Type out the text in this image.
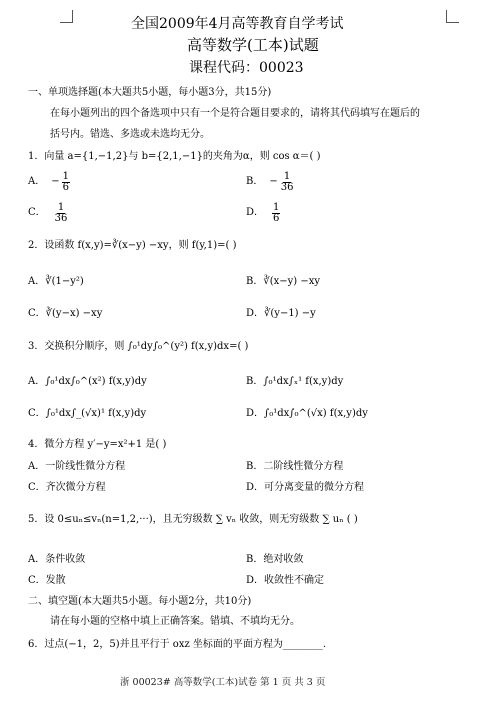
全国2009年4月高等教育自学考试
高等数学(工本)试题
课程代码：00023
一、单项选择题(本大题共5小题，每小题3分，共15分)
在每小题列出的四个备选项中只有一个是符合题目要求的，请将其代码填写在题后的
括号内。错选、多选或未选均无分。
1．向量 a={1,−1,2}与 b={2,1,−1}的夹角为α，则 cos α＝( )
A． − $\frac{1}{6}$	B． − $\frac{1}{36}$
C． $\frac{1}{36}$	D． $\frac{1}{6}$
2．设函数 f(x,y)=∛(x−y) −xy，则 f(y,1)=( )
A．∛(1−y²)	B．∛(x−y) −xy
C．∛(y−x) −xy	D．∛(y−1) −y
3．交换积分顺序，则 ∫₀¹dy∫₀^(y²) f(x,y)dx=( )
A．∫₀¹dx∫₀^(x²) f(x,y)dy	B．∫₀¹dx∫ₓ¹ f(x,y)dy
C．∫₀¹dx∫_(√x)¹ f(x,y)dy	D．∫₀¹dx∫₀^(√x) f(x,y)dy
4．微分方程 y′−y=x²+1 是( )
A．一阶线性微分方程	B．二阶线性微分方程
C．齐次微分方程	D．可分离变量的微分方程
5．设 0≤uₙ≤vₙ(n=1,2,···)，且无穷级数 ∑ vₙ 收敛，则无穷级数 ∑ uₙ ( )
A．条件收敛	B．绝对收敛
C．发散	D．收敛性不确定
二、填空题(本大题共5小题。每小题2分，共10分)
请在每小题的空格中填上正确答案。错填、不填均无分。
6．过点(−1，2，5)并且平行于 oxz 坐标面的平面方程为________.
浙 00023# 高等数学(工本)试卷 第 1 页 共 3 页
